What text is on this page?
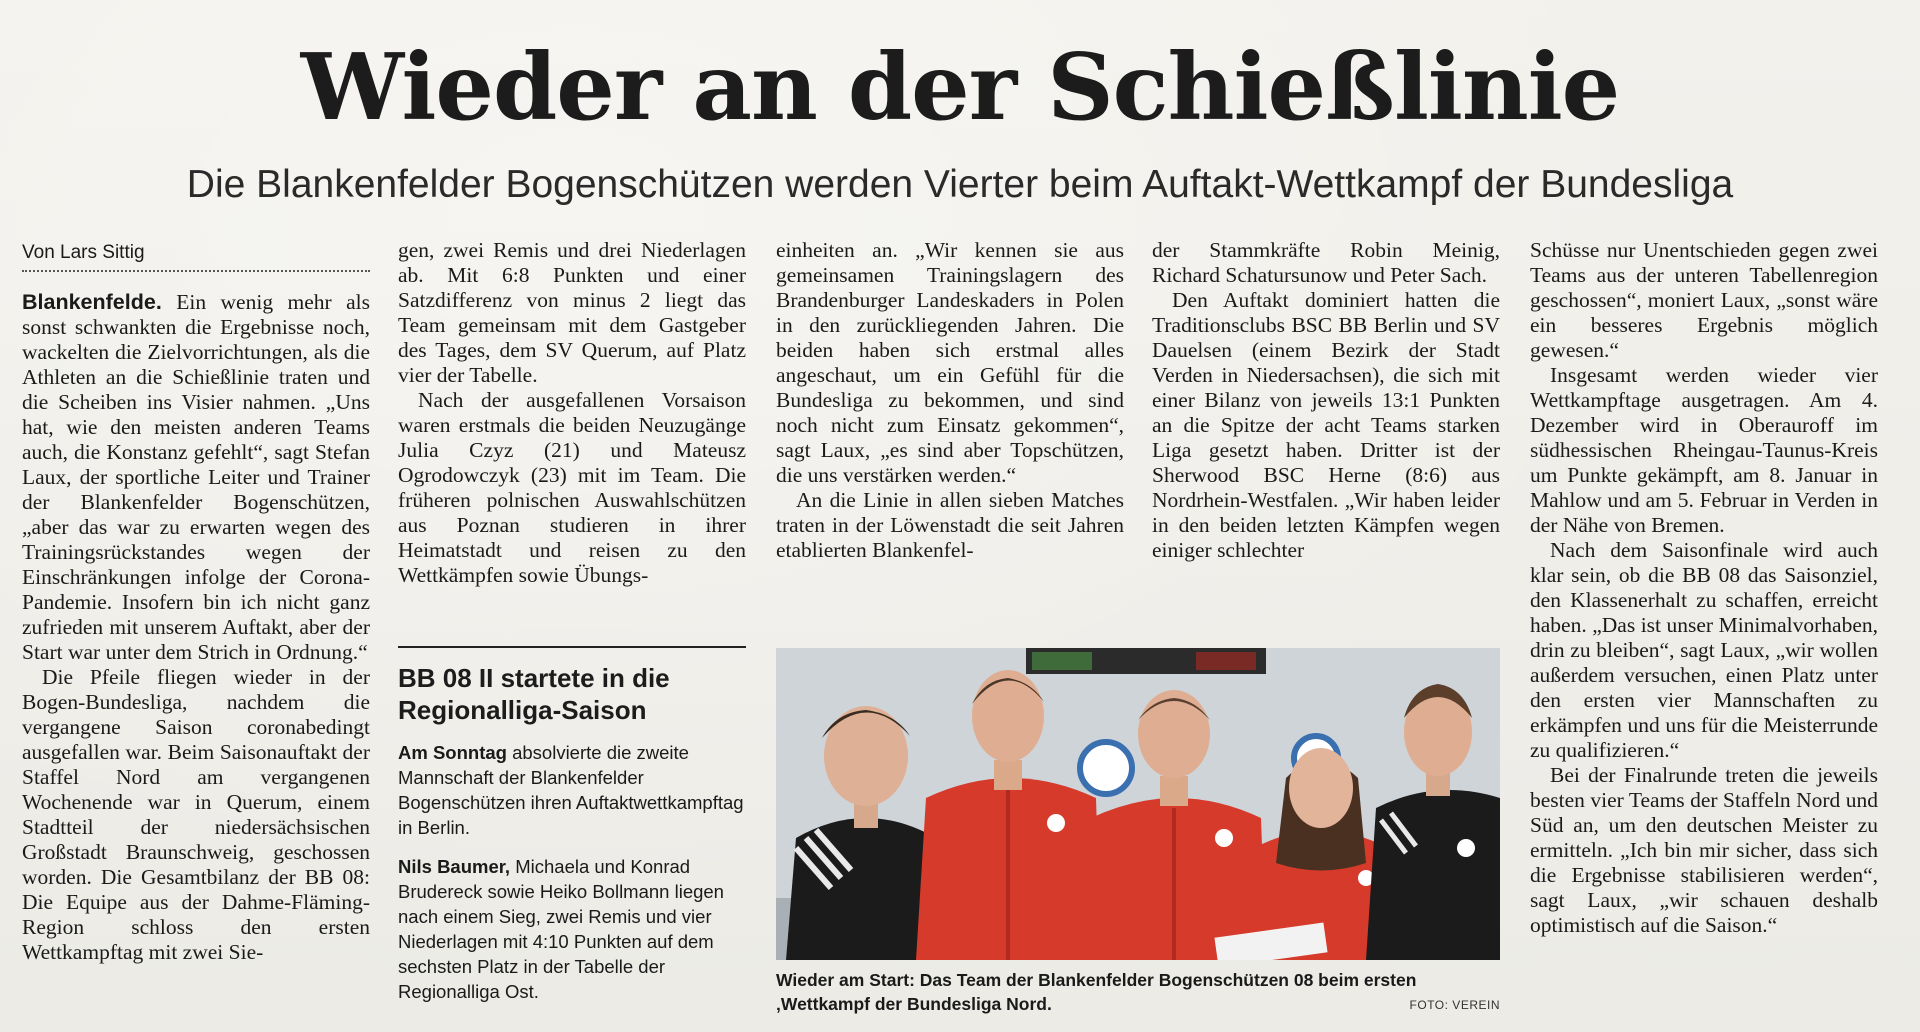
Wieder an der Schießlinie
Die Blankenfelder Bogenschützen werden Vierter beim Auftakt-Wettkampf der Bundesliga
Von Lars Sittig

Blankenfelde. Ein wenig mehr als sonst schwankten die Ergebnisse noch, wackelten die Zielvorrichtungen, als die Athleten an die Schießlinie traten und die Scheiben ins Visier nahmen. „Uns hat, wie den meisten anderen Teams auch, die Konstanz gefehlt“, sagt Stefan Laux, der sportliche Leiter und Trainer der Blankenfelder Bogenschützen, „aber das war zu erwarten wegen des Trainingsrückstandes wegen der Einschränkungen infolge der Corona-Pandemie. Insofern bin ich nicht ganz zufrieden mit unserem Auftakt, aber der Start war unter dem Strich in Ordnung.“

Die Pfeile fliegen wieder in der Bogen-Bundesliga, nachdem die vergangene Saison coronabedingt ausgefallen war. Beim Saisonauftakt der Staffel Nord am vergangenen Wochenende war in Querum, einem Stadtteil der niedersächsischen Großstadt Braunschweig, geschossen worden. Die Gesamtbilanz der BB 08: Die Equipe aus der Dahme-Fläming-Region schloss den ersten Wettkampftag mit zwei Sie-

gen, zwei Remis und drei Niederlagen ab. Mit 6:8 Punkten und einer Satzdifferenz von minus 2 liegt das Team gemeinsam mit dem Gastgeber des Tages, dem SV Querum, auf Platz vier der Tabelle.

Nach der ausgefallenen Vorsaison waren erstmals die beiden Neuzugänge Julia Czyz (21) und Mateusz Ogrodowczyk (23) mit im Team. Die früheren polnischen Auswahlschützen aus Poznan studieren in ihrer Heimatstadt und reisen zu den Wettkämpfen sowie Übungs-

BB 08 II startete in die Regionalliga-Saison

Am Sonntag absolvierte die zweite Mannschaft der Blankenfelder Bogenschützen ihren Auftaktwettkampftag in Berlin.

Nils Baumer, Michaela und Konrad Brudereck sowie Heiko Bollmann liegen nach einem Sieg, zwei Remis und vier Niederlagen mit 4:10 Punkten auf dem sechsten Platz in der Tabelle der Regionalliga Ost.

einheiten an. „Wir kennen sie aus gemeinsamen Trainingslagern des Brandenburger Landeskaders in Polen in den zurückliegenden Jahren. Die beiden haben sich erstmal alles angeschaut, um ein Gefühl für die Bundesliga zu bekommen, und sind noch nicht zum Einsatz gekommen“, sagt Laux, „es sind aber Topschützen, die uns verstärken werden.“

An die Linie in allen sieben Matches traten in der Löwenstadt die seit Jahren etablierten Blankenfel-

der Stammkräfte Robin Meinig, Richard Schatursunow und Peter Sach.

Den Auftakt dominiert hatten die Traditionsclubs BSC BB Berlin und SV Dauelsen (einem Bezirk der Stadt Verden in Niedersachsen), die sich mit einer Bilanz von jeweils 13:1 Punkten an die Spitze der acht Teams starken Liga gesetzt haben. Dritter ist der Sherwood BSC Herne (8:6) aus Nordrhein-Westfalen. „Wir haben leider in den beiden letzten Kämpfen wegen einiger schlechter

Schüsse nur Unentschieden gegen zwei Teams aus der unteren Tabellenregion geschossen“, moniert Laux, „sonst wäre ein besseres Ergebnis möglich gewesen.“

Insgesamt werden wieder vier Wettkampftage ausgetragen. Am 4. Dezember wird in Oberauroff im südhessischen Rheingau-Taunus-Kreis um Punkte gekämpft, am 8. Januar in Mahlow und am 5. Februar in Verden in der Nähe von Bremen.

Nach dem Saisonfinale wird auch klar sein, ob die BB 08 das Saisonziel, den Klassenerhalt zu schaffen, erreicht haben. „Das ist unser Minimalvorhaben, drin zu bleiben“, sagt Laux, „wir wollen außerdem versuchen, einen Platz unter den ersten vier Mannschaften zu erkämpfen und uns für die Meisterrunde zu qualifizieren.“

Bei der Finalrunde treten die jeweils besten vier Teams der Staffeln Nord und Süd an, um den deutschen Meister zu ermitteln. „Ich bin mir sicher, dass sich die Ergebnisse stabilisieren werden“, sagt Laux, „wir schauen deshalb optimistisch auf die Saison.“

Wieder am Start: Das Team der Blankenfelder Bogenschützen 08 beim ersten ‚Wettkampf der Bundesliga Nord.	FOTO: VEREIN
